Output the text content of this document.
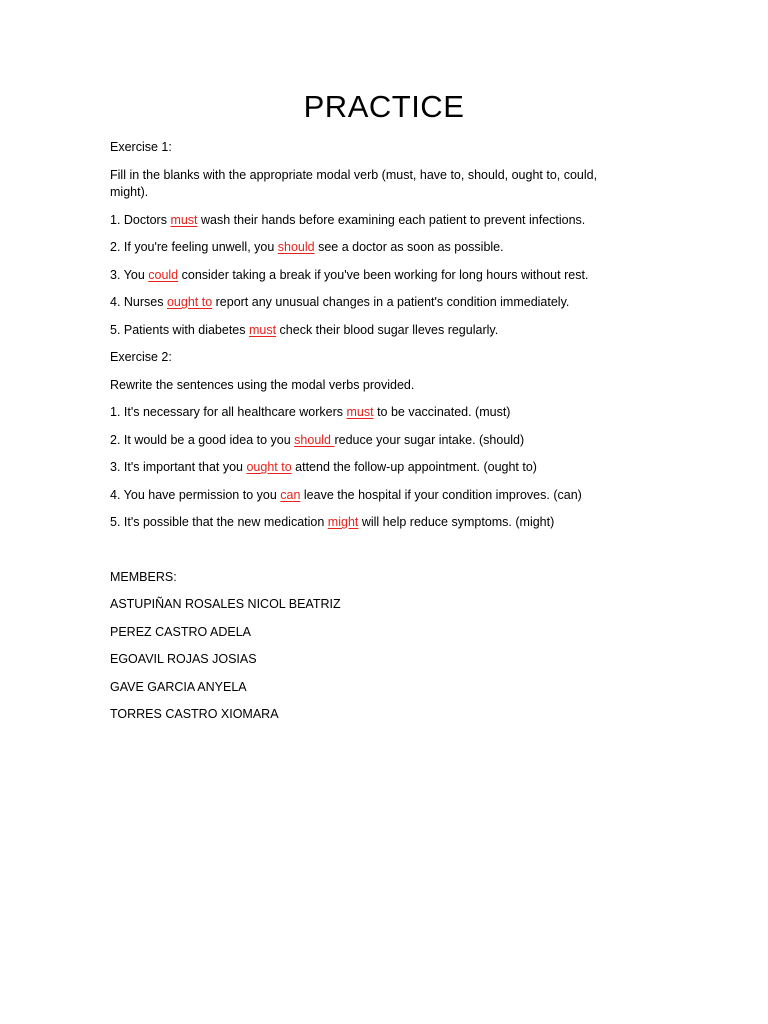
PRACTICE
Exercise 1:
Fill in the blanks with the appropriate modal verb (must, have to, should, ought to, could, might).
1. Doctors must wash their hands before examining each patient to prevent infections.
2. If you're feeling unwell, you should see a doctor as soon as possible.
3. You could consider taking a break if you've been working for long hours without rest.
4. Nurses ought to report any unusual changes in a patient's condition immediately.
5. Patients with diabetes must check their blood sugar lleves regularly.
Exercise 2:
Rewrite the sentences using the modal verbs provided.
1. It's necessary for all healthcare workers must to be vaccinated. (must)
2. It would be a good idea to you should reduce your sugar intake. (should)
3. It's important that you ought to attend the follow-up appointment. (ought to)
4. You have permission to you can leave the hospital if your condition improves. (can)
5. It's possible that the new medication might will help reduce symptoms. (might)
MEMBERS:
ASTUPIÑAN ROSALES NICOL BEATRIZ
PEREZ CASTRO ADELA
EGOAVIL ROJAS JOSIAS
GAVE GARCIA ANYELA
TORRES CASTRO XIOMARA
